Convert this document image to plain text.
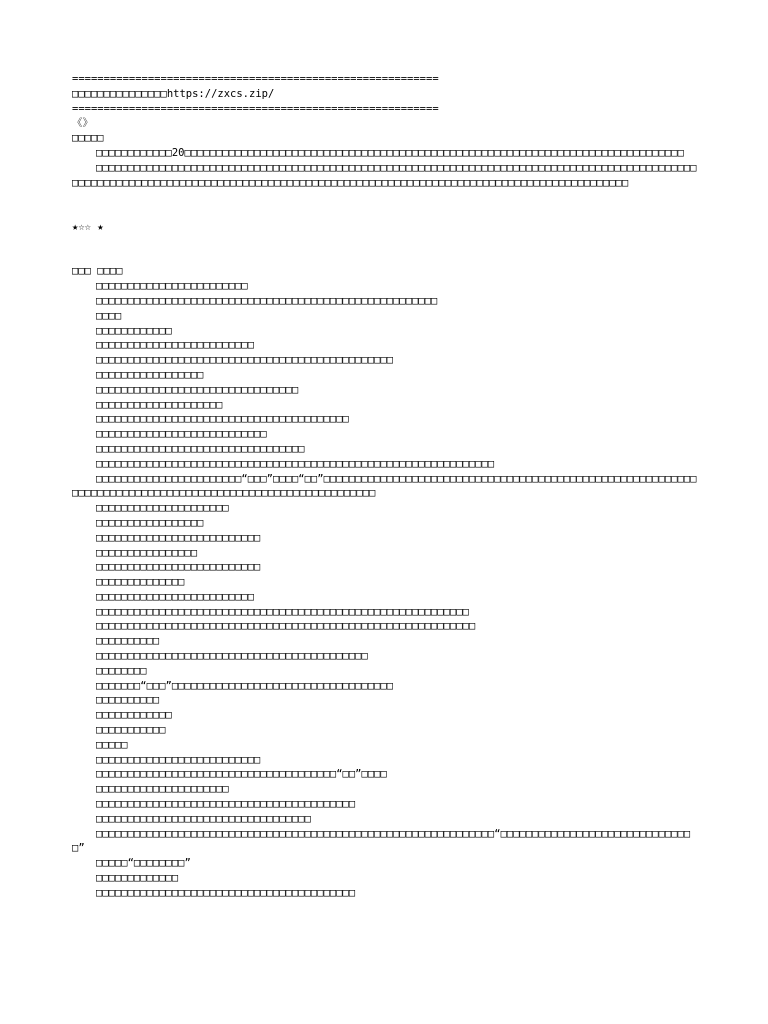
==========================================================
□□□□□□□□□□□□□□□https://zxcs.zip/
==========================================================
《》
□□□□□
□□□□□□□□□□□□20□□□□□□□□□□□□□□□□□□□□□□□□□□□□□□□□□□□□□□□□□□□□□□□□□□□□□□□□□□□□□□□□□□□□□□□□□□□□□□□
□□□□□□□□□□□□□□□□□□□□□□□□□□□□□□□□□□□□□□□□□□□□□□□□□□□□□□□□□□□□□□□□□□□□□□□□□□□□□□□□□□□□□□□□□□□□□□□□□□□□□□□□□□□□□□□□□□□□□□□□□□□□□□□□□□□□□□□□□□□□□□□□□□□□□□□□□□□□□□□□□□□□□□□□□□□□□□□□□□□□□□□
★☆☆ ★
□□□ □□□□
□□□□□□□□□□□□□□□□□□□□□□□□
□□□□□□□□□□□□□□□□□□□□□□□□□□□□□□□□□□□□□□□□□□□□□□□□□□□□□□
□□□□
□□□□□□□□□□□□
□□□□□□□□□□□□□□□□□□□□□□□□□
□□□□□□□□□□□□□□□□□□□□□□□□□□□□□□□□□□□□□□□□□□□□□□□
□□□□□□□□□□□□□□□□□
□□□□□□□□□□□□□□□□□□□□□□□□□□□□□□□□
□□□□□□□□□□□□□□□□□□□□
□□□□□□□□□□□□□□□□□□□□□□□□□□□□□□□□□□□□□□□□
□□□□□□□□□□□□□□□□□□□□□□□□□□□
□□□□□□□□□□□□□□□□□□□□□□□□□□□□□□□□□
□□□□□□□□□□□□□□□□□□□□□□□□□□□□□□□□□□□□□□□□□□□□□□□□□□□□□□□□□□□□□□□
□□□□□□□□□□□□□□□□□□□□□□□“□□□”□□□□“□□”□□□□□□□□□□□□□□□□□□□□□□□□□□□□□□□□□□□□□□□□□□□□□□□□□□□□□□□□□□□□□□□□□□□□□□□□□□□□□□□□□□□□□□□□□□□□□□□□□□□□□□□□□□□
□□□□□□□□□□□□□□□□□□□□□
□□□□□□□□□□□□□□□□□
□□□□□□□□□□□□□□□□□□□□□□□□□□
□□□□□□□□□□□□□□□□
□□□□□□□□□□□□□□□□□□□□□□□□□□
□□□□□□□□□□□□□□
□□□□□□□□□□□□□□□□□□□□□□□□□
□□□□□□□□□□□□□□□□□□□□□□□□□□□□□□□□□□□□□□□□□□□□□□□□□□□□□□□□□□□
□□□□□□□□□□□□□□□□□□□□□□□□□□□□□□□□□□□□□□□□□□□□□□□□□□□□□□□□□□□□
□□□□□□□□□□
□□□□□□□□□□□□□□□□□□□□□□□□□□□□□□□□□□□□□□□□□□□
□□□□□□□□
□□□□□□□“□□□”□□□□□□□□□□□□□□□□□□□□□□□□□□□□□□□□□□□
□□□□□□□□□□
□□□□□□□□□□□□
□□□□□□□□□□□
□□□□□
□□□□□□□□□□□□□□□□□□□□□□□□□□
□□□□□□□□□□□□□□□□□□□□□□□□□□□□□□□□□□□□□□“□□”□□□□
□□□□□□□□□□□□□□□□□□□□□
□□□□□□□□□□□□□□□□□□□□□□□□□□□□□□□□□□□□□□□□□
□□□□□□□□□□□□□□□□□□□□□□□□□□□□□□□□□□
□□□□□□□□□□□□□□□□□□□□□□□□□□□□□□□□□□□□□□□□□□□□□□□□□□□□□□□□□□□□□□□“□□□□□□□□□□□□□□□□□□□□□□□□□□□□□□□”
□□□□□“□□□□□□□□”
□□□□□□□□□□□□□
□□□□□□□□□□□□□□□□□□□□□□□□□□□□□□□□□□□□□□□□□
